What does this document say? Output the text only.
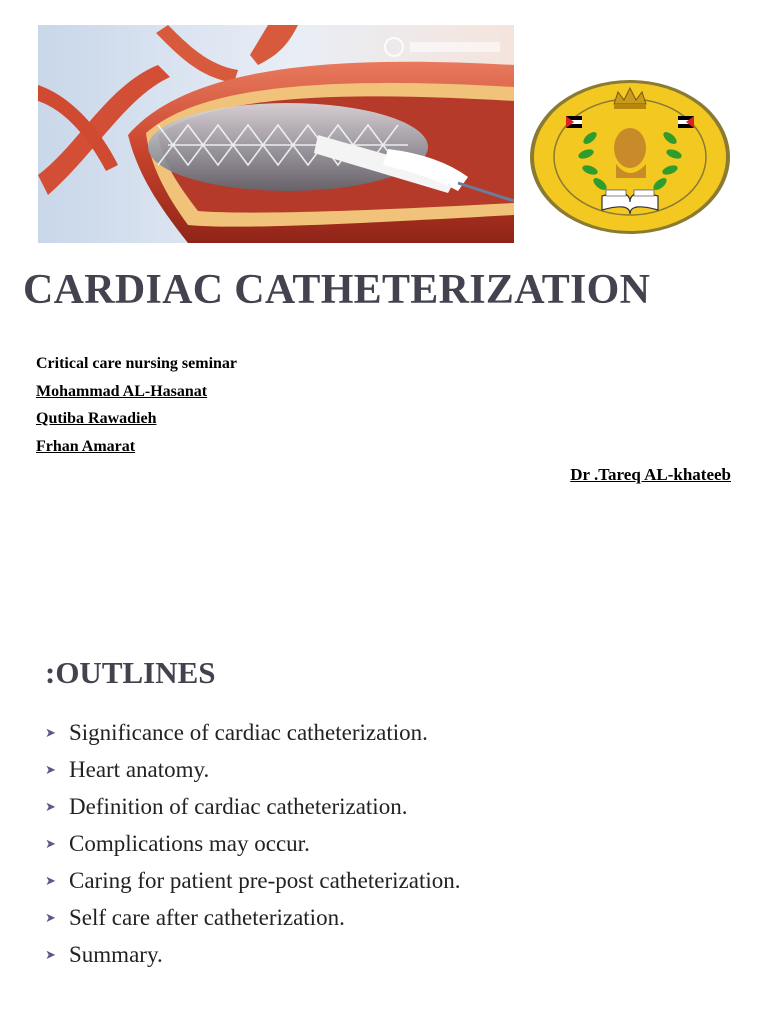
CARDIAC CATHETERIZATION
Critical care nursing seminar
Mohammad AL-Hasanat
Qutiba Rawadieh
Frhan Amarat
Dr .Tareq AL-khateeb
:OUTLINES
➤ Significance of cardiac catheterization.
➤ Heart anatomy.
➤ Definition of cardiac catheterization.
➤ Complications may occur.
➤ Caring for patient pre-post catheterization.
➤ Self care after catheterization.
➤ Summary.
